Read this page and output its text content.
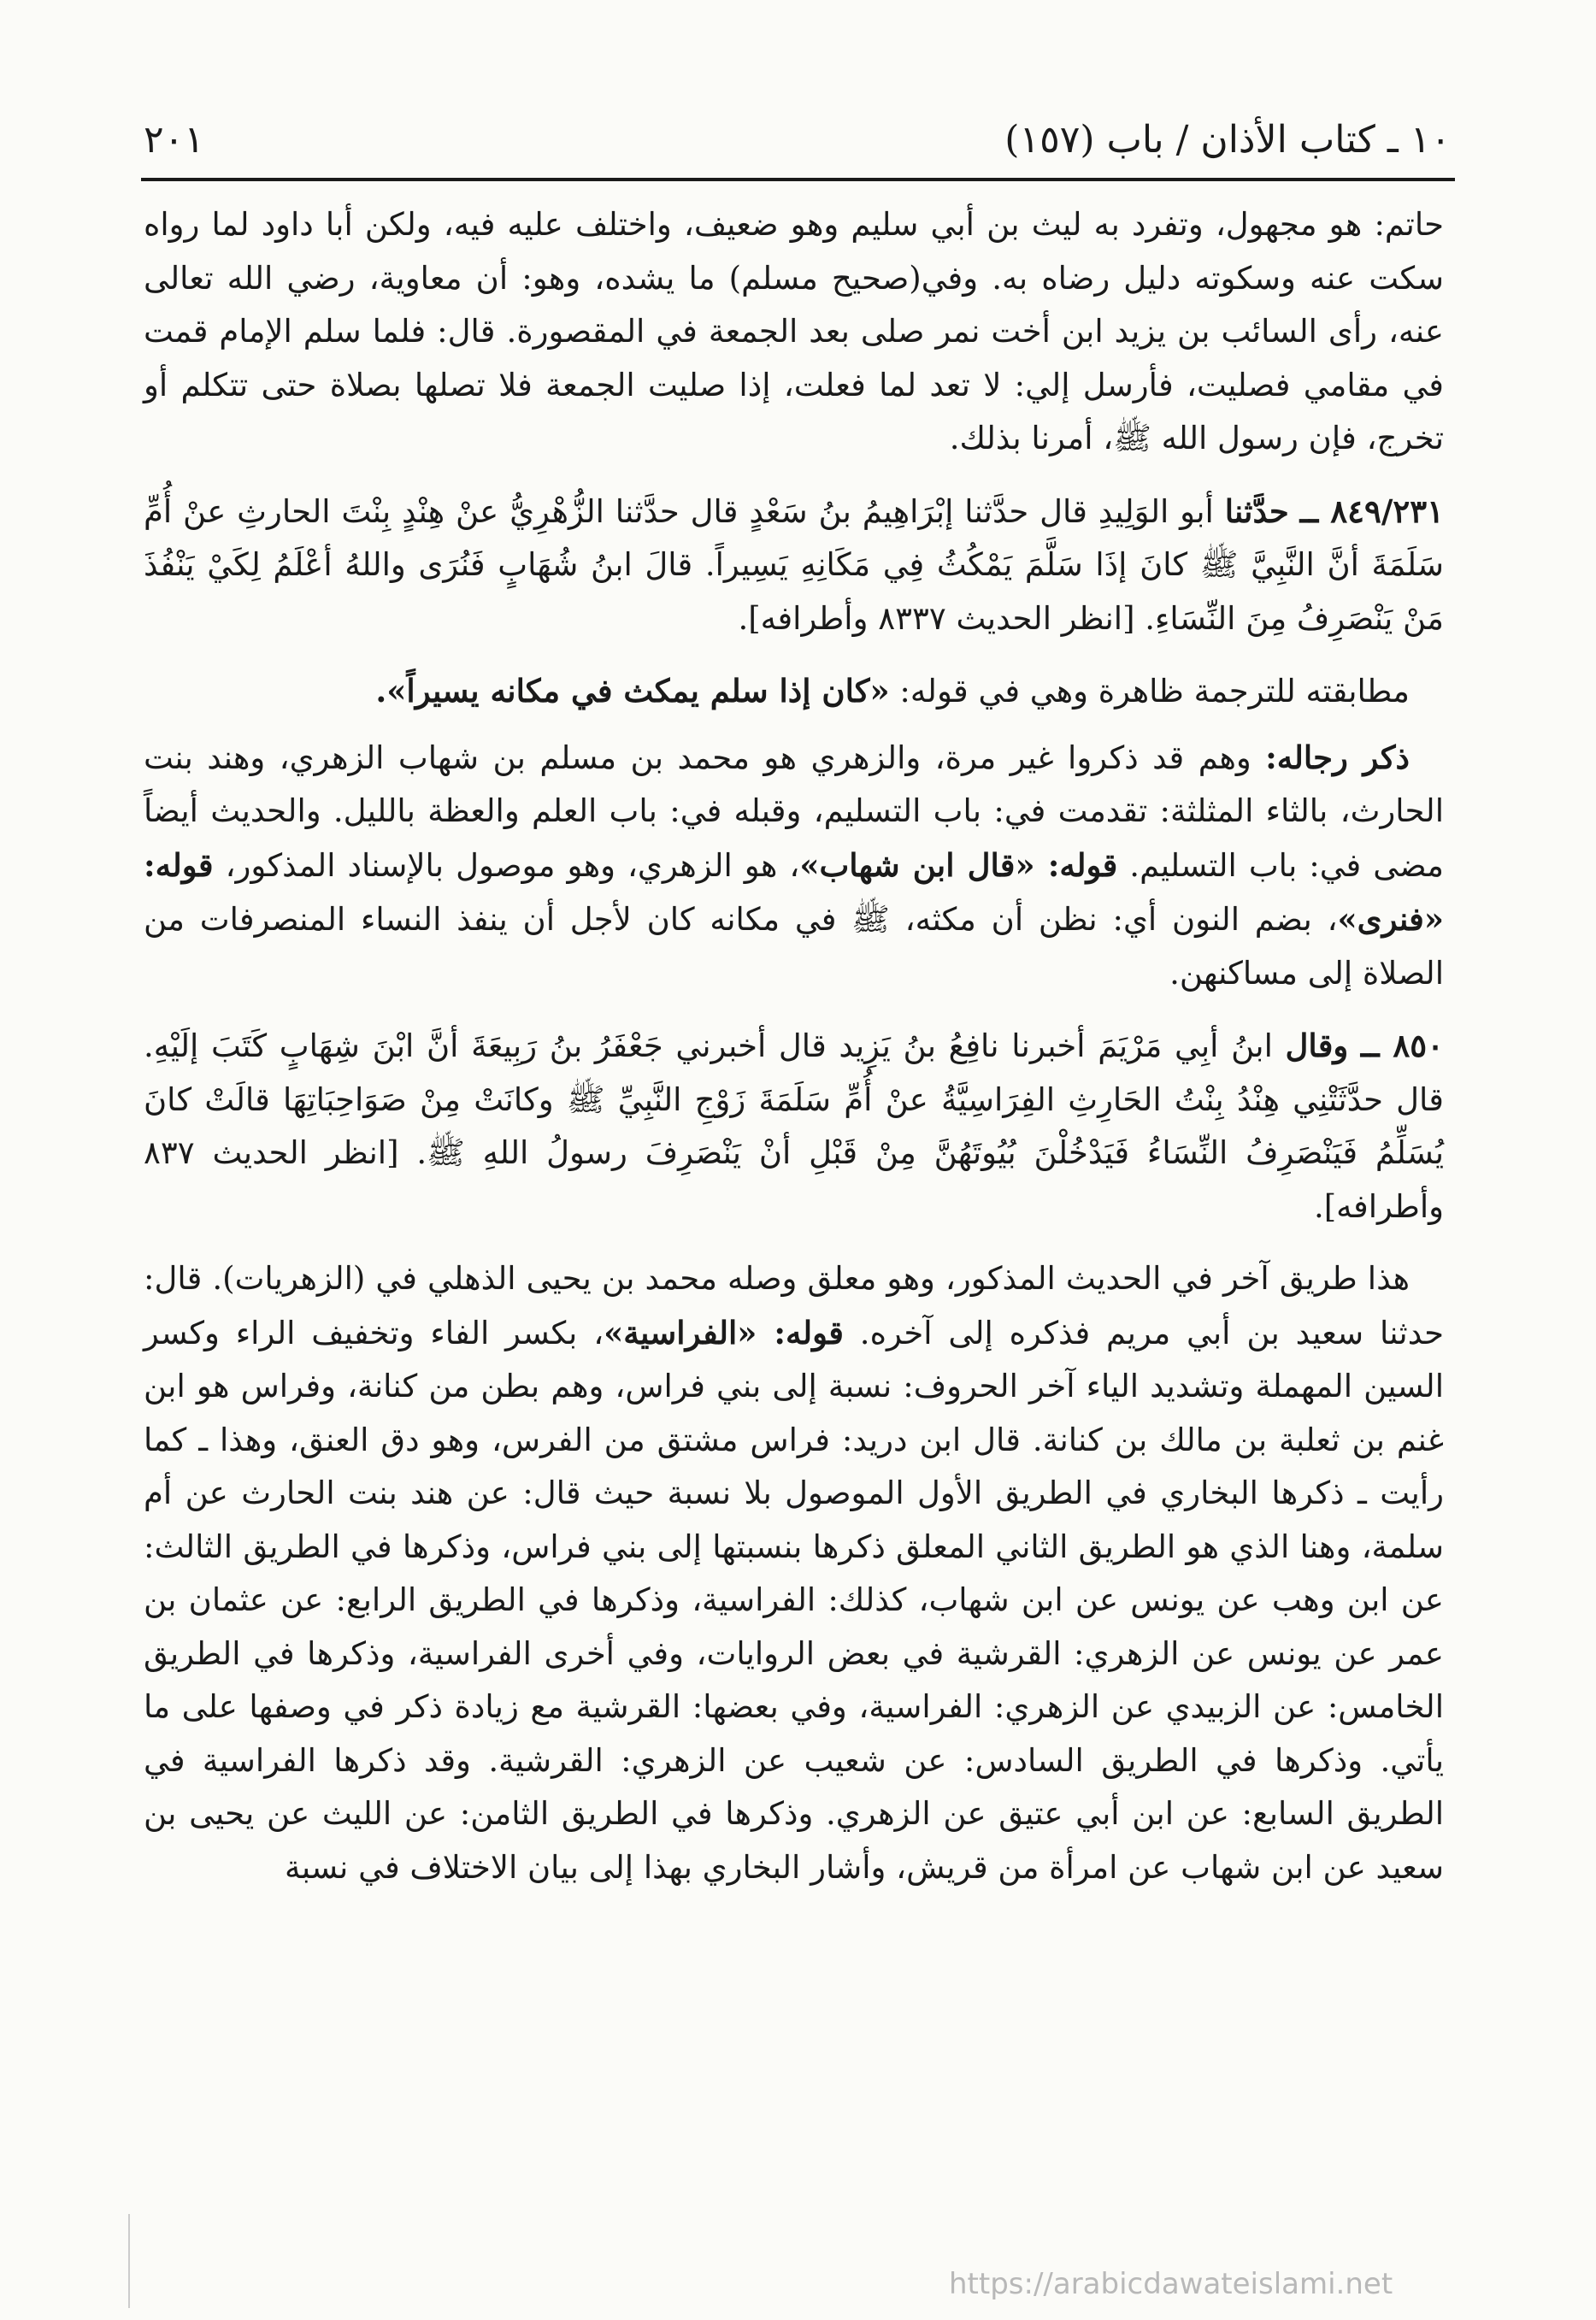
١٠ ـ كتاب الأذان / باب (١٥٧)
٢٠١

حاتم: هو مجهول، وتفرد به ليث بن أبي سليم وهو ضعيف، واختلف عليه فيه، ولكن أبا داود لما رواه سكت عنه وسكوته دليل رضاه به. وفي(صحيح مسلم) ما يشده، وهو: أن معاوية، رضي الله تعالى عنه، رأى السائب بن يزيد ابن أخت نمر صلى بعد الجمعة في المقصورة. قال: فلما سلم الإمام قمت في مقامي فصليت، فأرسل إلي: لا تعد لما فعلت، إذا صليت الجمعة فلا تصلها بصلاة حتى تتكلم أو تخرج، فإن رسول الله ﷺ، أمرنا بذلك.

٨٤٩/٢٣١ ــ حدَّثنا أبو الوَلِيدِ قال حدَّثنا إبْرَاهِيمُ بنُ سَعْدٍ قال حدَّثنا الزُّهْرِيُّ عنْ هِنْدٍ بِنْتَ الحارثِ عنْ أُمِّ سَلَمَةَ أنَّ النَّبِيَّ ﷺ كانَ إذَا سَلَّمَ يَمْكُثُ فِي مَكَانِهِ يَسِيراً. قالَ ابنُ شُهَابٍ فَنُرَى واللهُ أعْلَمُ لِكَيْ يَنْفُذَ مَنْ يَنْصَرِفُ مِنَ النِّسَاءِ. [انظر الحديث ٨٣٣٧ وأطرافه].

مطابقته للترجمة ظاهرة وهي في قوله: «كان إذا سلم يمكث في مكانه يسيراً».

ذكر رجاله: وهم قد ذكروا غير مرة، والزهري هو محمد بن مسلم بن شهاب الزهري، وهند بنت الحارث، بالثاء المثلثة: تقدمت في: باب التسليم، وقبله في: باب العلم والعظة بالليل. والحديث أيضاً مضى في: باب التسليم. قوله: «قال ابن شهاب»، هو الزهري، وهو موصول بالإسناد المذكور، قوله: «فنرى»، بضم النون أي: نظن أن مكثه، ﷺ في مكانه كان لأجل أن ينفذ النساء المنصرفات من الصلاة إلى مساكنهن.

٨٥٠ ــ وقال ابنُ أبِي مَرْيَمَ أخبرنا نافِعُ بنُ يَزِيد قال أخبرني جَعْفَرُ بنُ رَبِيعَةَ أنَّ ابْنَ شِهَابٍ كَتَبَ إلَيْهِ. قال حدَّثَتْنِي هِنْدُ بِنْتُ الحَارِثِ الفِرَاسِيَّةُ عنْ أُمِّ سَلَمَةَ زَوْجِ النَّبِيِّ ﷺ وكانَتْ مِنْ صَوَاحِبَاتِهَا قالَتْ كانَ يُسَلِّمُ فَيَنْصَرِفُ النِّسَاءُ فَيَدْخُلْنَ بُيُوتَهُنَّ مِنْ قَبْلِ أنْ يَنْصَرِفَ رسولُ اللهِ ﷺ. [انظر الحديث ٨٣٧ وأطرافه].

هذا طريق آخر في الحديث المذكور، وهو معلق وصله محمد بن يحيى الذهلي في (الزهريات). قال: حدثنا سعيد بن أبي مريم فذكره إلى آخره. قوله: «الفراسية»، بكسر الفاء وتخفيف الراء وكسر السين المهملة وتشديد الياء آخر الحروف: نسبة إلى بني فراس، وهم بطن من كنانة، وفراس هو ابن غنم بن ثعلبة بن مالك بن كنانة. قال ابن دريد: فراس مشتق من الفرس، وهو دق العنق، وهذا ـ كما رأيت ـ ذكرها البخاري في الطريق الأول الموصول بلا نسبة حيث قال: عن هند بنت الحارث عن أم سلمة، وهنا الذي هو الطريق الثاني المعلق ذكرها بنسبتها إلى بني فراس، وذكرها في الطريق الثالث: عن ابن وهب عن يونس عن ابن شهاب، كذلك: الفراسية، وذكرها في الطريق الرابع: عن عثمان بن عمر عن يونس عن الزهري: القرشية في بعض الروايات، وفي أخرى الفراسية، وذكرها في الطريق الخامس: عن الزبيدي عن الزهري: الفراسية، وفي بعضها: القرشية مع زيادة ذكر في وصفها على ما يأتي. وذكرها في الطريق السادس: عن شعيب عن الزهري: القرشية. وقد ذكرها الفراسية في الطريق السابع: عن ابن أبي عتيق عن الزهري. وذكرها في الطريق الثامن: عن الليث عن يحيى بن سعيد عن ابن شهاب عن امرأة من قريش، وأشار البخاري بهذا إلى بيان الاختلاف في نسبة

https://arabicdawateislami.net
